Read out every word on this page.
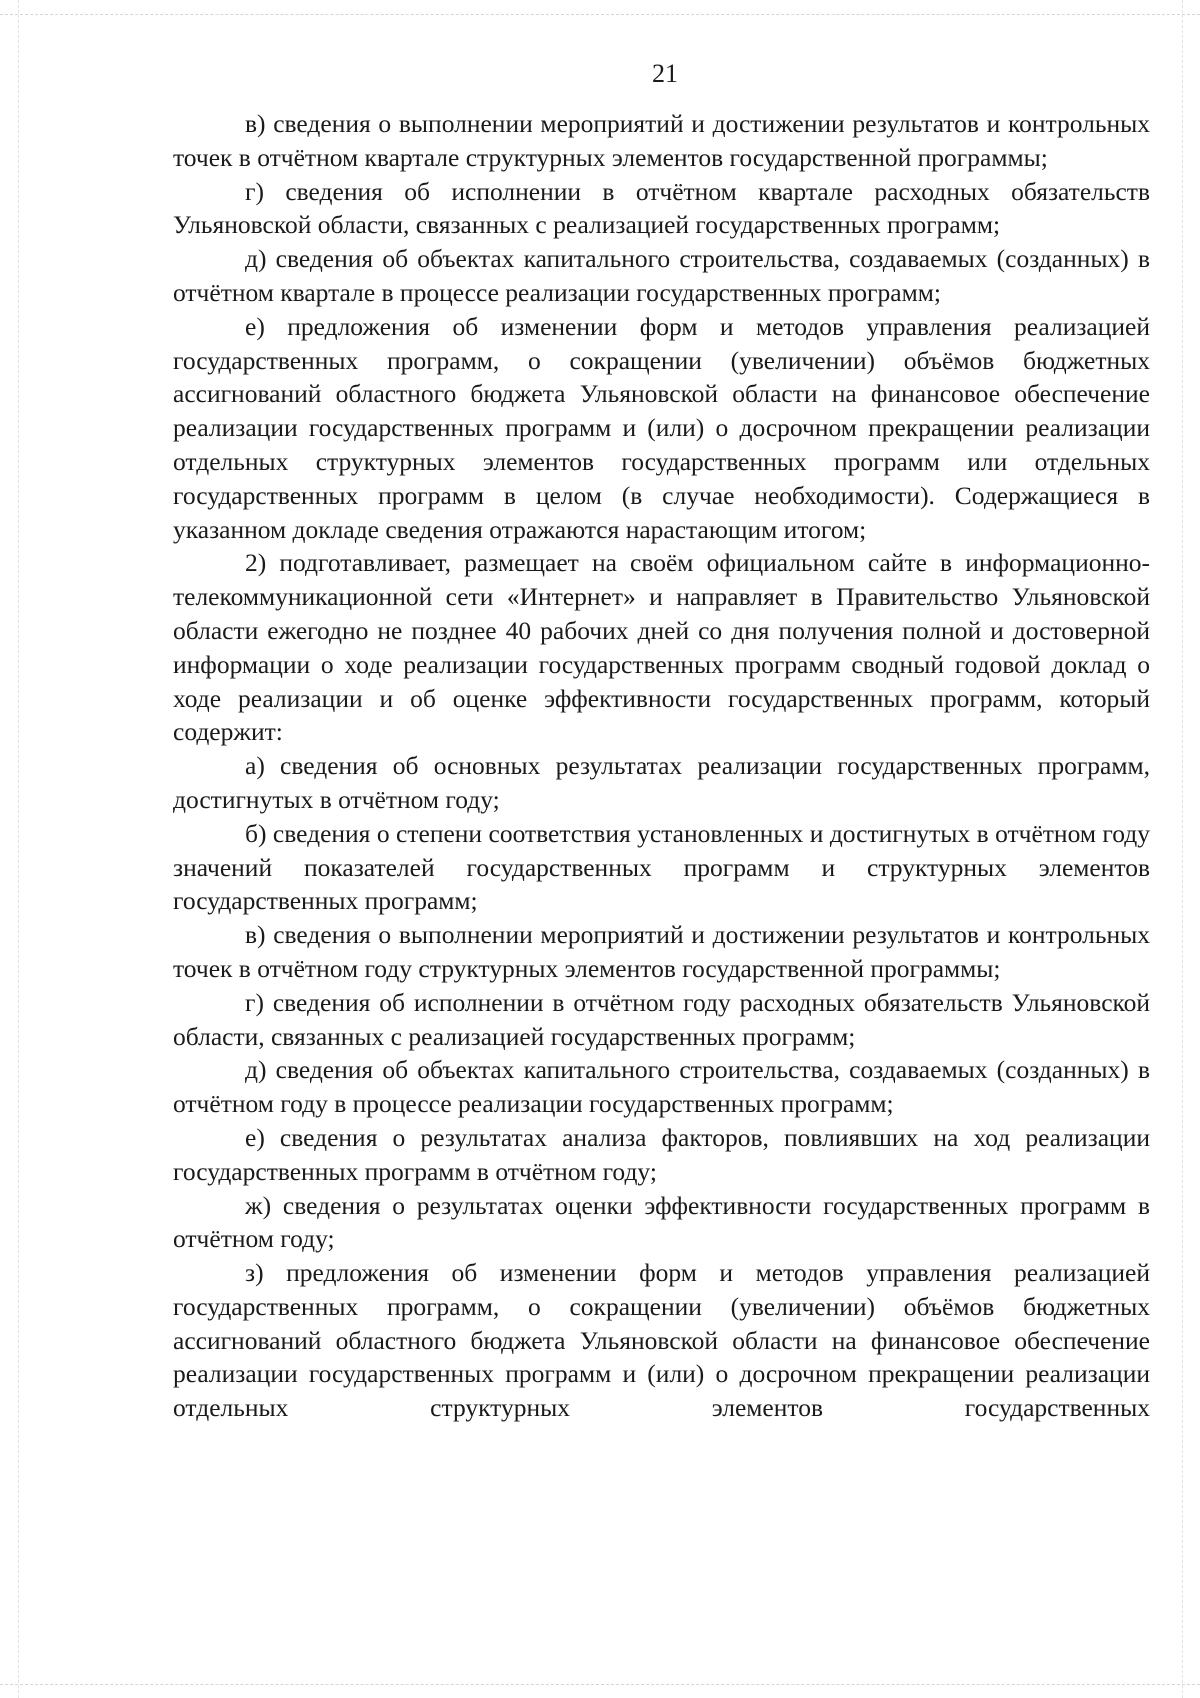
21

в) сведения о выполнении мероприятий и достижении результатов и контрольных точек в отчётном квартале структурных элементов государственной программы;

г) сведения об исполнении в отчётном квартале расходных обязательств Ульяновской области, связанных с реализацией государственных программ;

д) сведения об объектах капитального строительства, создаваемых (созданных) в отчётном квартале в процессе реализации государственных программ;

е) предложения об изменении форм и методов управления реализацией государственных программ, о сокращении (увеличении) объёмов бюджетных ассигнований областного бюджета Ульяновской области на финансовое обеспечение реализации государственных программ и (или) о досрочном прекращении реализации отдельных структурных элементов государственных программ или отдельных государственных программ в целом (в случае необходимости). Содержащиеся в указанном докладе сведения отражаются нарастающим итогом;

2) подготавливает, размещает на своём официальном сайте в информационно-телекоммуникационной сети «Интернет» и направляет в Правительство Ульяновской области ежегодно не позднее 40 рабочих дней со дня получения полной и достоверной информации о ходе реализации государственных программ сводный годовой доклад о ходе реализации и об оценке эффективности государственных программ, который содержит:

а) сведения об основных результатах реализации государственных программ, достигнутых в отчётном году;

б) сведения о степени соответствия установленных и достигнутых в отчётном году значений показателей государственных программ и структурных элементов государственных программ;

в) сведения о выполнении мероприятий и достижении результатов и контрольных точек в отчётном году структурных элементов государственной программы;

г) сведения об исполнении в отчётном году расходных обязательств Ульяновской области, связанных с реализацией государственных программ;

д) сведения об объектах капитального строительства, создаваемых (созданных) в отчётном году в процессе реализации государственных программ;

е) сведения о результатах анализа факторов, повлиявших на ход реализации государственных программ в отчётном году;

ж) сведения о результатах оценки эффективности государственных программ в отчётном году;

з) предложения об изменении форм и методов управления реализацией государственных программ, о сокращении (увеличении) объёмов бюджетных ассигнований областного бюджета Ульяновской области на финансовое обеспечение реализации государственных программ и (или) о досрочном прекращении реализации отдельных структурных элементов государственных
